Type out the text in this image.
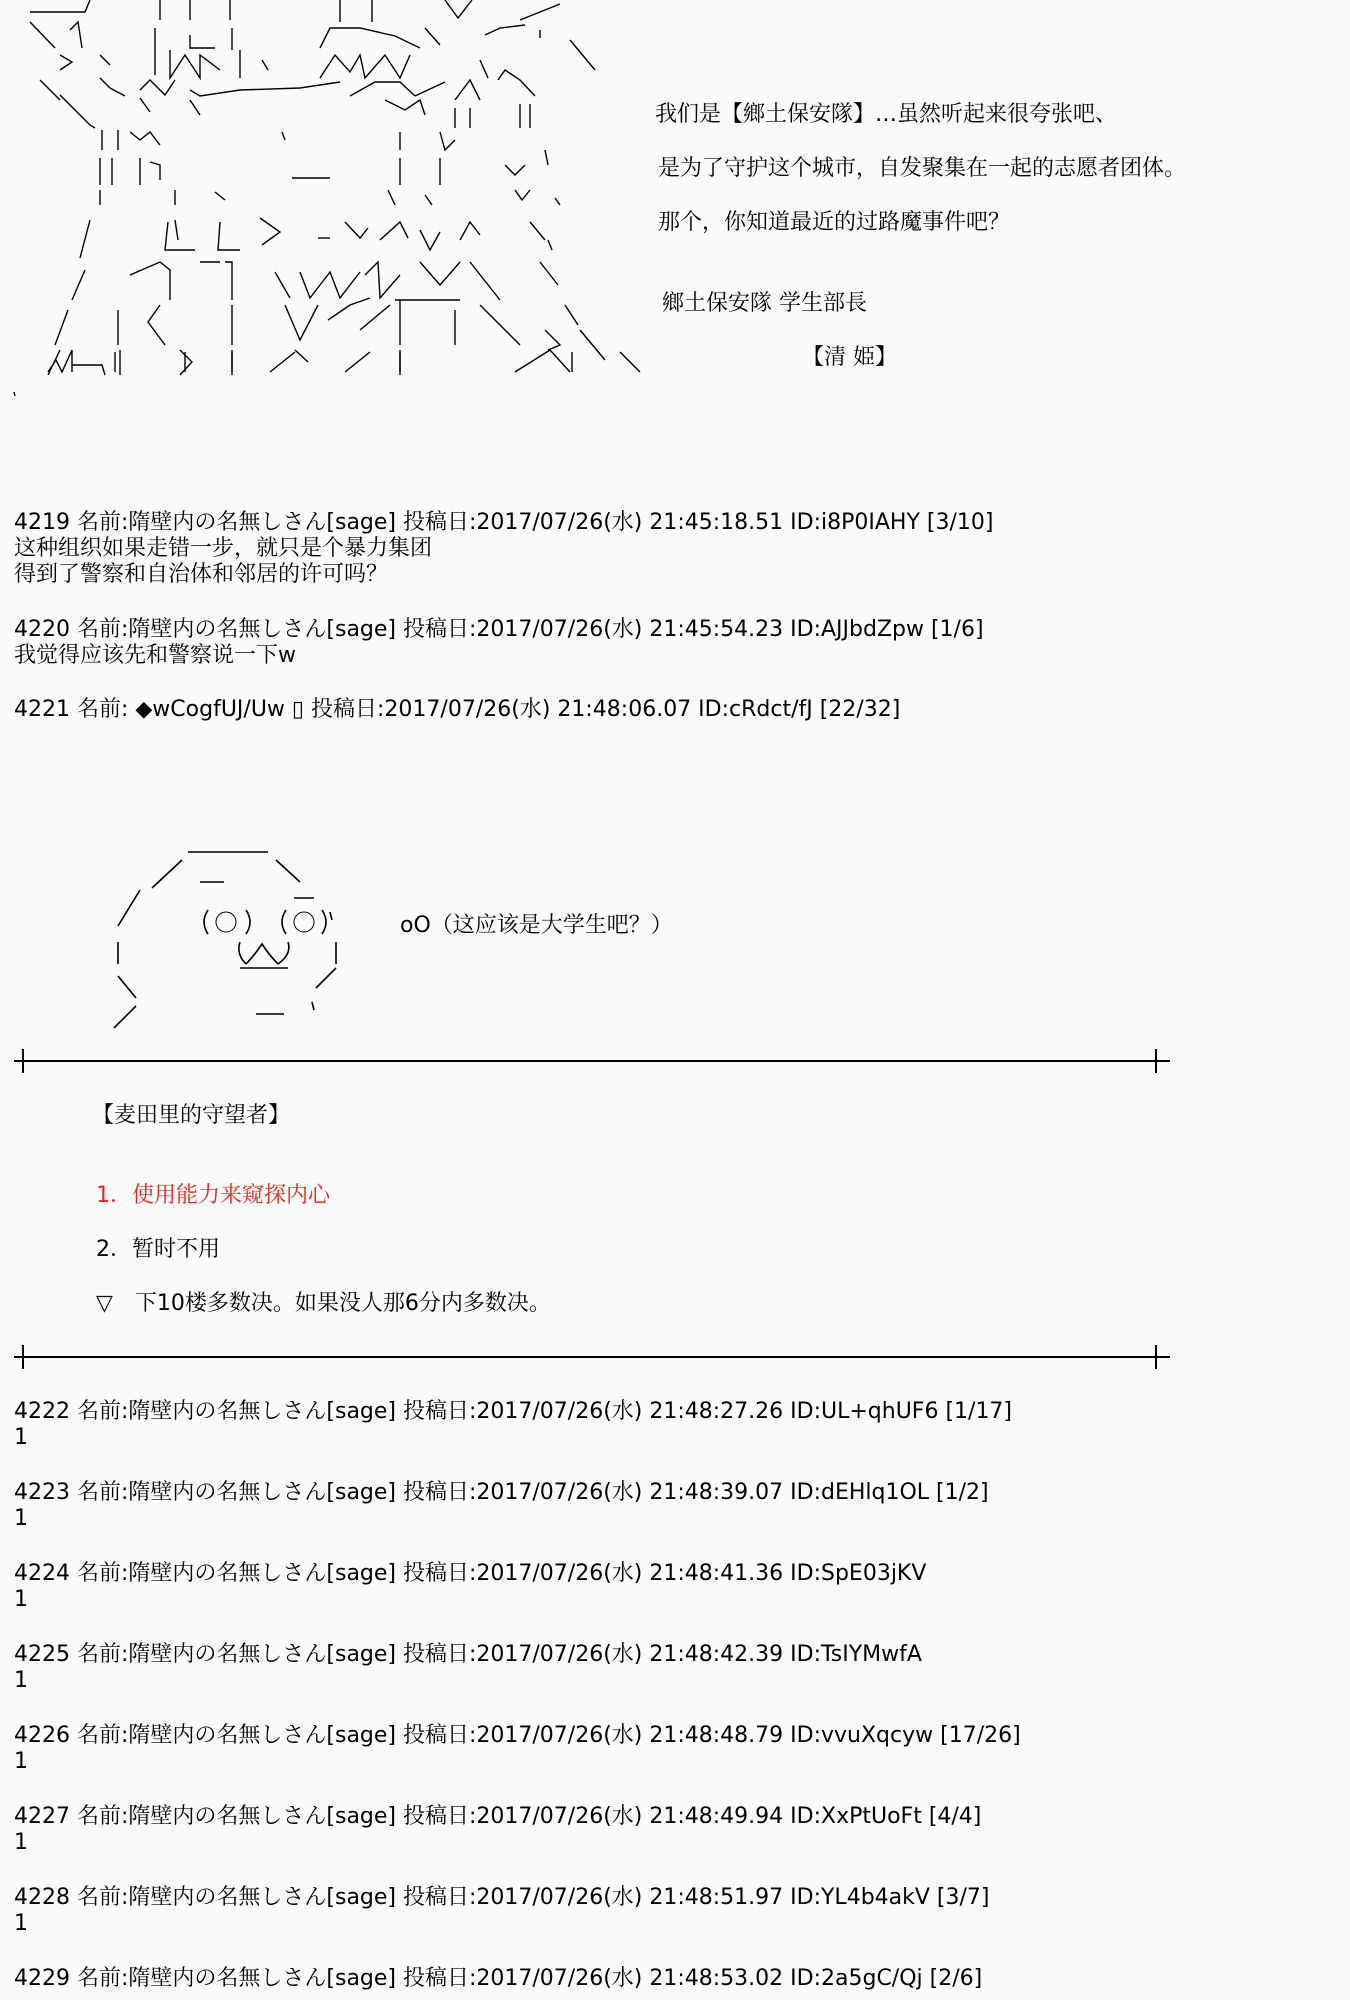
我们是【鄉土保安隊】…虽然听起来很夸张吧、
是为了守护这个城市，自发聚集在一起的志愿者团体。
那个，你知道最近的过路魔事件吧？
鄉土保安隊 学生部長
【清 姫】
4219 名前:隋壁内の名無しさん[sage] 投稿日:2017/07/26(水) 21:45:18.51 ID:i8P0IAHY [3/10]
这种组织如果走错一步，就只是个暴力集团
得到了警察和自治体和邻居的许可吗？
4220 名前:隋壁内の名無しさん[sage] 投稿日:2017/07/26(水) 21:45:54.23 ID:AJJbdZpw [1/6]
我觉得应该先和警察说一下w
4221 名前: ◆wCogfUJ/Uw ▯ 投稿日:2017/07/26(水) 21:48:06.07 ID:cRdct/fJ [22/32]
oO（这应该是大学生吧？）
【麦田里的守望者】
1．使用能力来窥探内心
2．暂时不用
▽　下10楼多数决。如果没人那6分内多数决。
4222 名前:隋壁内の名無しさん[sage] 投稿日:2017/07/26(水) 21:48:27.26 ID:UL+qhUF6 [1/17]
1
4223 名前:隋壁内の名無しさん[sage] 投稿日:2017/07/26(水) 21:48:39.07 ID:dEHlq1OL [1/2]
1
4224 名前:隋壁内の名無しさん[sage] 投稿日:2017/07/26(水) 21:48:41.36 ID:SpE03jKV
1
4225 名前:隋壁内の名無しさん[sage] 投稿日:2017/07/26(水) 21:48:42.39 ID:TsIYMwfA
1
4226 名前:隋壁内の名無しさん[sage] 投稿日:2017/07/26(水) 21:48:48.79 ID:vvuXqcyw [17/26]
1
4227 名前:隋壁内の名無しさん[sage] 投稿日:2017/07/26(水) 21:48:49.94 ID:XxPtUoFt [4/4]
1
4228 名前:隋壁内の名無しさん[sage] 投稿日:2017/07/26(水) 21:48:51.97 ID:YL4b4akV [3/7]
1
4229 名前:隋壁内の名無しさん[sage] 投稿日:2017/07/26(水) 21:48:53.02 ID:2a5gC/Qj [2/6]
